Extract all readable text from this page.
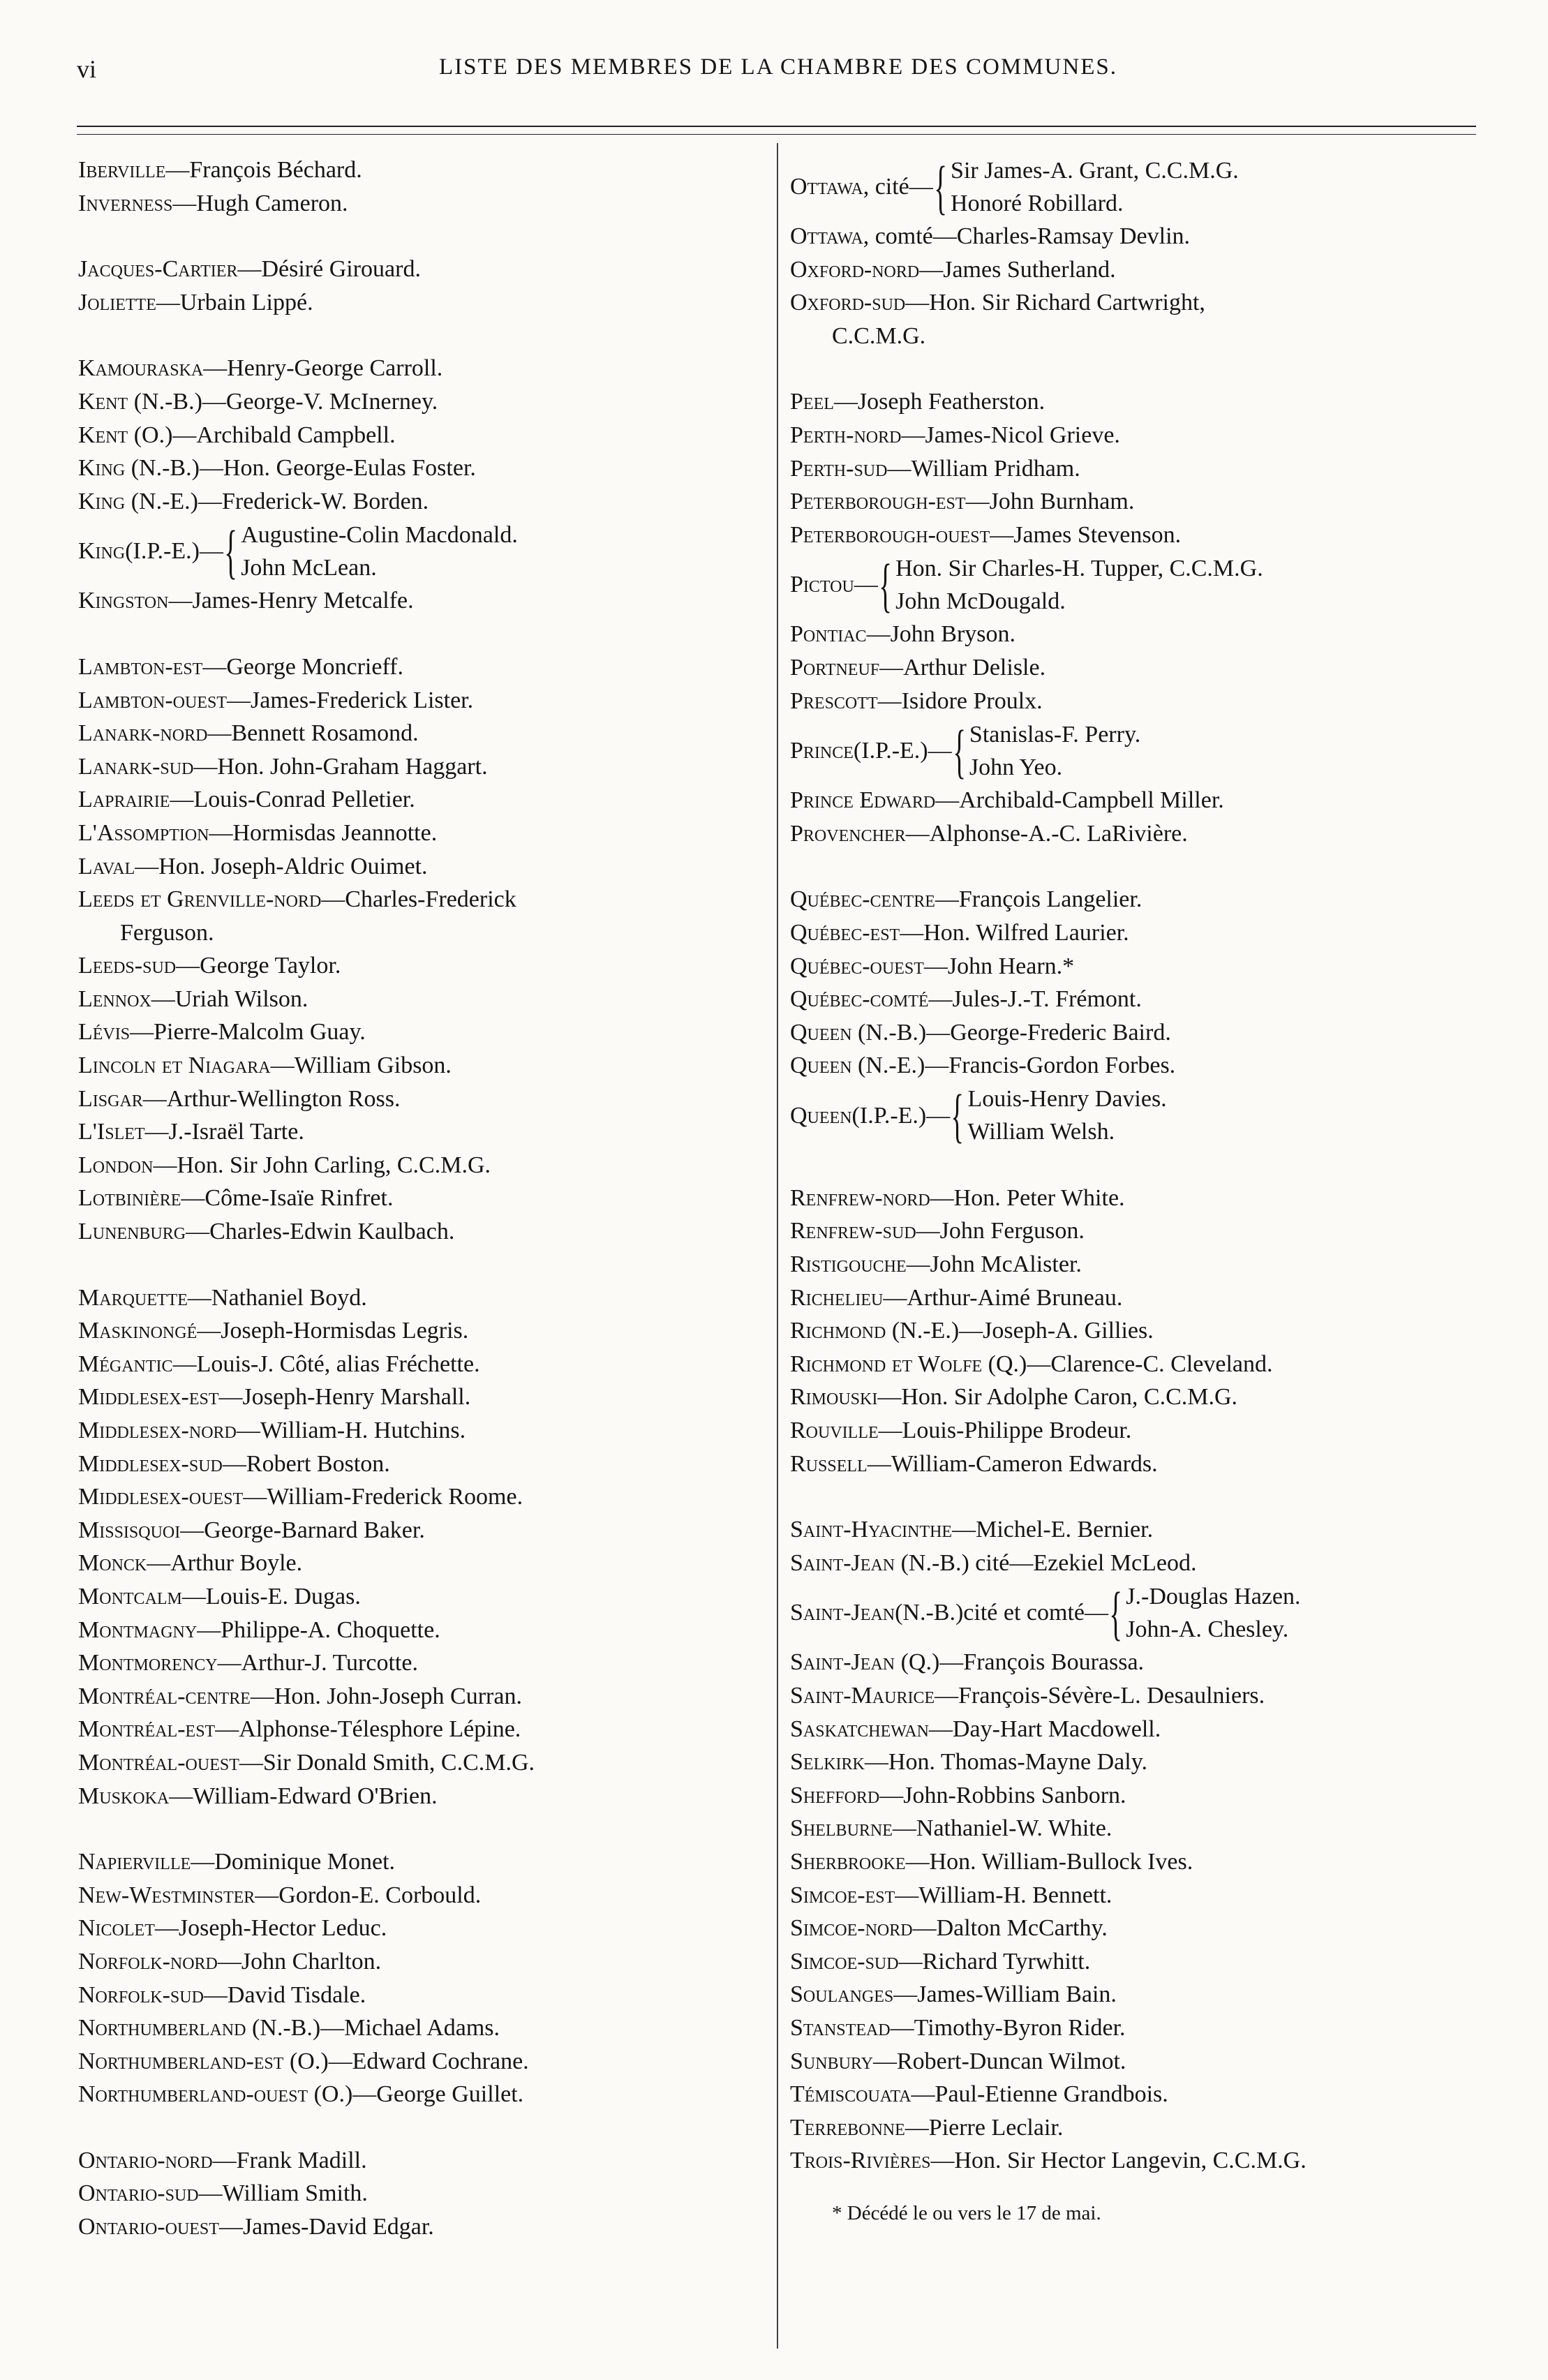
vi	LISTE DES MEMBRES DE LA CHAMBRE DES COMMUNES.
Iberville—François Béchard.
Inverness—Hugh Cameron.
Jacques-Cartier—Désiré Girouard.
Joliette—Urbain Lippé.
Kamouraska—Henry-George Carroll.
Kent (N.-B.)—George-V. McInerney.
Kent (O.)—Archibald Campbell.
King (N.-B.)—Hon. George-Eulas Foster.
King (N.-E.)—Frederick-W. Borden.
King (I.P.-E.)— { Augustine-Colin Macdonald.
John McLean.
Kingston—James-Henry Metcalfe.
Lambton-est—George Moncrieff.
Lambton-ouest—James-Frederick Lister.
Lanark-nord—Bennett Rosamond.
Lanark-sud—Hon. John-Graham Haggart.
Laprairie—Louis-Conrad Pelletier.
L'Assomption—Hormisdas Jeannotte.
Laval—Hon. Joseph-Aldric Ouimet.
Leeds et Grenville-nord—Charles-Frederick
Ferguson.
Leeds-sud—George Taylor.
Lennox—Uriah Wilson.
Lévis—Pierre-Malcolm Guay.
Lincoln et Niagara—William Gibson.
Lisgar—Arthur-Wellington Ross.
L'Islet—J.-Israël Tarte.
London—Hon. Sir John Carling, C.C.M.G.
Lotbinière—Côme-Isaïe Rinfret.
Lunenburg—Charles-Edwin Kaulbach.
Marquette—Nathaniel Boyd.
Maskinongé—Joseph-Hormisdas Legris.
Mégantic—Louis-J. Côté, alias Fréchette.
Middlesex-est—Joseph-Henry Marshall.
Middlesex-nord—William-H. Hutchins.
Middlesex-sud—Robert Boston.
Middlesex-ouest—William-Frederick Roome.
Missisquoi—George-Barnard Baker.
Monck—Arthur Boyle.
Montcalm—Louis-E. Dugas.
Montmagny—Philippe-A. Choquette.
Montmorency—Arthur-J. Turcotte.
Montréal-centre—Hon. John-Joseph Curran.
Montréal-est—Alphonse-Télesphore Lépine.
Montréal-ouest—Sir Donald Smith, C.C.M.G.
Muskoka—William-Edward O'Brien.
Napierville—Dominique Monet.
New-Westminster—Gordon-E. Corbould.
Nicolet—Joseph-Hector Leduc.
Norfolk-nord—John Charlton.
Norfolk-sud—David Tisdale.
Northumberland (N.-B.)—Michael Adams.
Northumberland-est (O.)—Edward Cochrane.
Northumberland-ouest (O.)—George Guillet.
Ontario-nord—Frank Madill.
Ontario-sud—William Smith.
Ontario-ouest—James-David Edgar.
Ottawa , cité— { Sir James-A. Grant, C.C.M.G.
Honoré Robillard.
Ottawa, comté—Charles-Ramsay Devlin.
Oxford-nord—James Sutherland.
Oxford-sud—Hon. Sir Richard Cartwright,
C.C.M.G.
Peel—Joseph Featherston.
Perth-nord—James-Nicol Grieve.
Perth-sud—William Pridham.
Peterborough-est—John Burnham.
Peterborough-ouest—James Stevenson.
Pictou — { Hon. Sir Charles-H. Tupper, C.C.M.G.
John McDougald.
Pontiac—John Bryson.
Portneuf—Arthur Delisle.
Prescott—Isidore Proulx.
Prince (I.P.-E.)— { Stanislas-F. Perry.
John Yeo.
Prince Edward—Archibald-Campbell Miller.
Provencher—Alphonse-A.-C. LaRivière.
Québec-centre—François Langelier.
Québec-est—Hon. Wilfred Laurier.
Québec-ouest—John Hearn.*
Québec-comté—Jules-J.-T. Frémont.
Queen (N.-B.)—George-Frederic Baird.
Queen (N.-E.)—Francis-Gordon Forbes.
Queen (I.P.-E.)— { Louis-Henry Davies.
William Welsh.
Renfrew-nord—Hon. Peter White.
Renfrew-sud—John Ferguson.
Ristigouche—John McAlister.
Richelieu—Arthur-Aimé Bruneau.
Richmond (N.-E.)—Joseph-A. Gillies.
Richmond et Wolfe (Q.)—Clarence-C. Cleveland.
Rimouski—Hon. Sir Adolphe Caron, C.C.M.G.
Rouville—Louis-Philippe Brodeur.
Russell—William-Cameron Edwards.
Saint-Hyacinthe—Michel-E. Bernier.
Saint-Jean (N.-B.) cité—Ezekiel McLeod.
Saint-Jean (N.-B.)cité et comté— { J.-Douglas Hazen.
John-A. Chesley.
Saint-Jean (Q.)—François Bourassa.
Saint-Maurice—François-Sévère-L. Desaulniers.
Saskatchewan—Day-Hart Macdowell.
Selkirk—Hon. Thomas-Mayne Daly.
Shefford—John-Robbins Sanborn.
Shelburne—Nathaniel-W. White.
Sherbrooke—Hon. William-Bullock Ives.
Simcoe-est—William-H. Bennett.
Simcoe-nord—Dalton McCarthy.
Simcoe-sud—Richard Tyrwhitt.
Soulanges—James-William Bain.
Stanstead—Timothy-Byron Rider.
Sunbury—Robert-Duncan Wilmot.
Témiscouata—Paul-Etienne Grandbois.
Terrebonne—Pierre Leclair.
Trois-Rivières—Hon. Sir Hector Langevin, C.C.M.G.
* Décédé le ou vers le 17 de mai.
